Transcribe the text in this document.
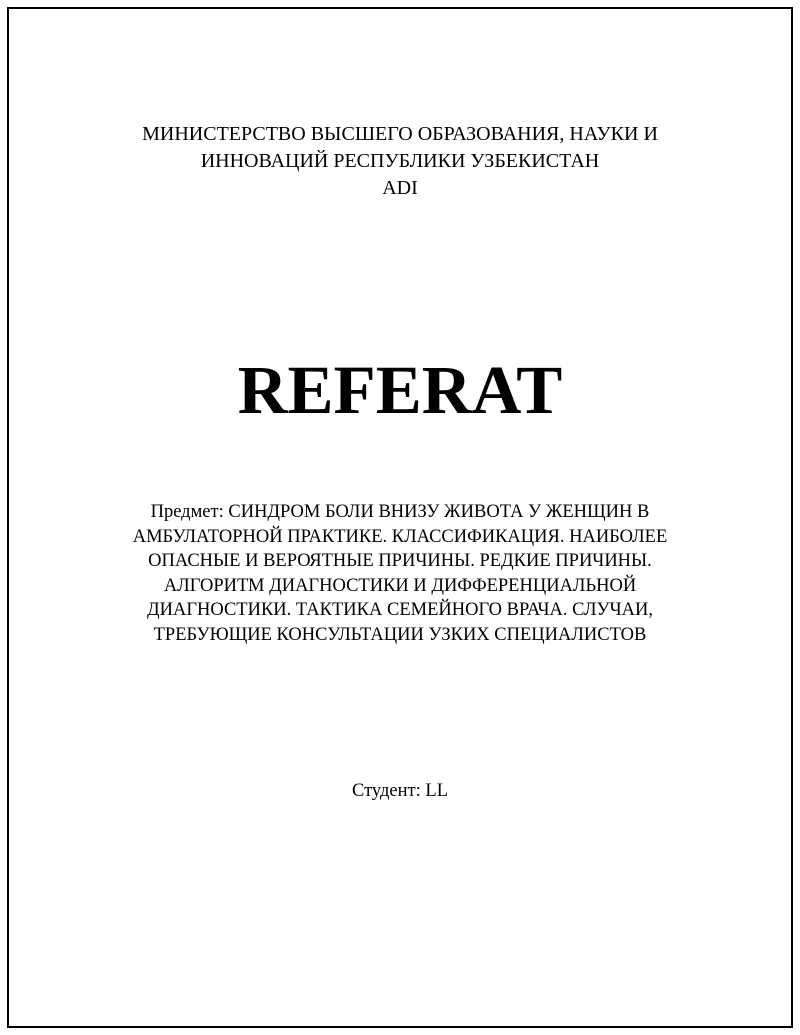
МИНИСТЕРСТВО ВЫСШЕГО ОБРАЗОВАНИЯ, НАУКИ И
ИННОВАЦИЙ РЕСПУБЛИКИ УЗБЕКИСТАН
ADI
REFERAT
Предмет: СИНДРОМ БОЛИ ВНИЗУ ЖИВОТА У ЖЕНЩИН В
АМБУЛАТОРНОЙ ПРАКТИКЕ. КЛАССИФИКАЦИЯ. НАИБОЛЕЕ
ОПАСНЫЕ И ВЕРОЯТНЫЕ ПРИЧИНЫ. РЕДКИЕ ПРИЧИНЫ.
АЛГОРИТМ ДИАГНОСТИКИ И ДИФФЕРЕНЦИАЛЬНОЙ
ДИАГНОСТИКИ. ТАКТИКА СЕМЕЙНОГО ВРАЧА. СЛУЧАИ,
ТРЕБУЮЩИЕ КОНСУЛЬТАЦИИ УЗКИХ СПЕЦИАЛИСТОВ
Студент: LL
